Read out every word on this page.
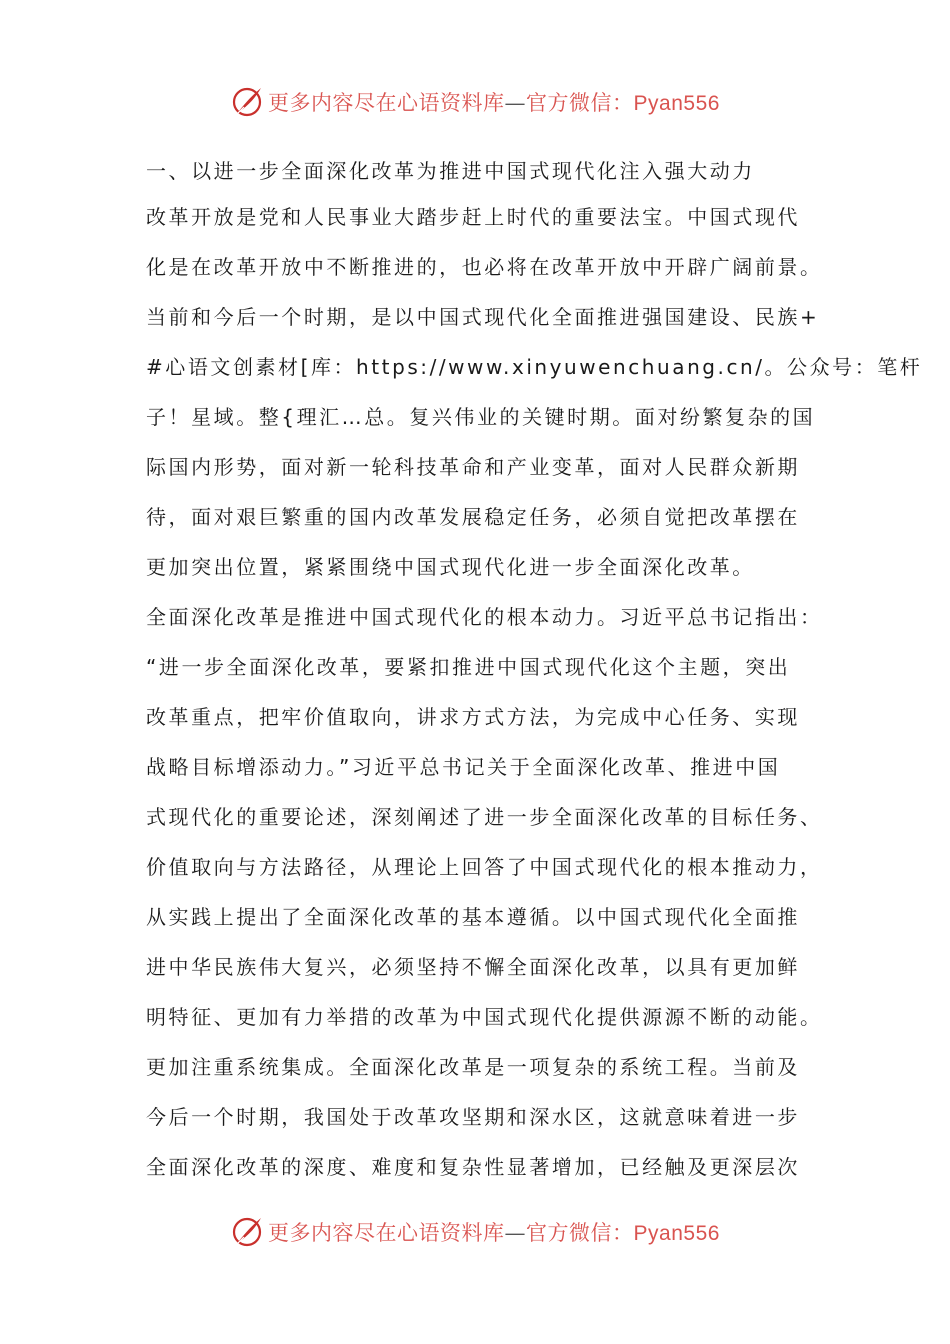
更多内容尽在心语资料库—官方微信：Pyan556
一、以进一步全面深化改革为推进中国式现代化注入强大动力
改革开放是党和人民事业大踏步赶上时代的重要法宝。中国式现代
化是在改革开放中不断推进的，也必将在改革开放中开辟广阔前景。
当前和今后一个时期，是以中国式现代化全面推进强国建设、民族+
#心语文创素材[库：https://www.xinyuwenchuang.cn/。公众号：笔杆
子！星域。整{理汇…总。复兴伟业的关键时期。面对纷繁复杂的国
际国内形势，面对新一轮科技革命和产业变革，面对人民群众新期
待，面对艰巨繁重的国内改革发展稳定任务，必须自觉把改革摆在
更加突出位置，紧紧围绕中国式现代化进一步全面深化改革。
全面深化改革是推进中国式现代化的根本动力。习近平总书记指出：
“进一步全面深化改革，要紧扣推进中国式现代化这个主题，突出
改革重点，把牢价值取向，讲求方式方法，为完成中心任务、实现
战略目标增添动力。”习近平总书记关于全面深化改革、推进中国
式现代化的重要论述，深刻阐述了进一步全面深化改革的目标任务、
价值取向与方法路径，从理论上回答了中国式现代化的根本推动力，
从实践上提出了全面深化改革的基本遵循。以中国式现代化全面推
进中华民族伟大复兴，必须坚持不懈全面深化改革，以具有更加鲜
明特征、更加有力举措的改革为中国式现代化提供源源不断的动能。
更加注重系统集成。全面深化改革是一项复杂的系统工程。当前及
今后一个时期，我国处于改革攻坚期和深水区，这就意味着进一步
全面深化改革的深度、难度和复杂性显著增加，已经触及更深层次
更多内容尽在心语资料库—官方微信：Pyan556
